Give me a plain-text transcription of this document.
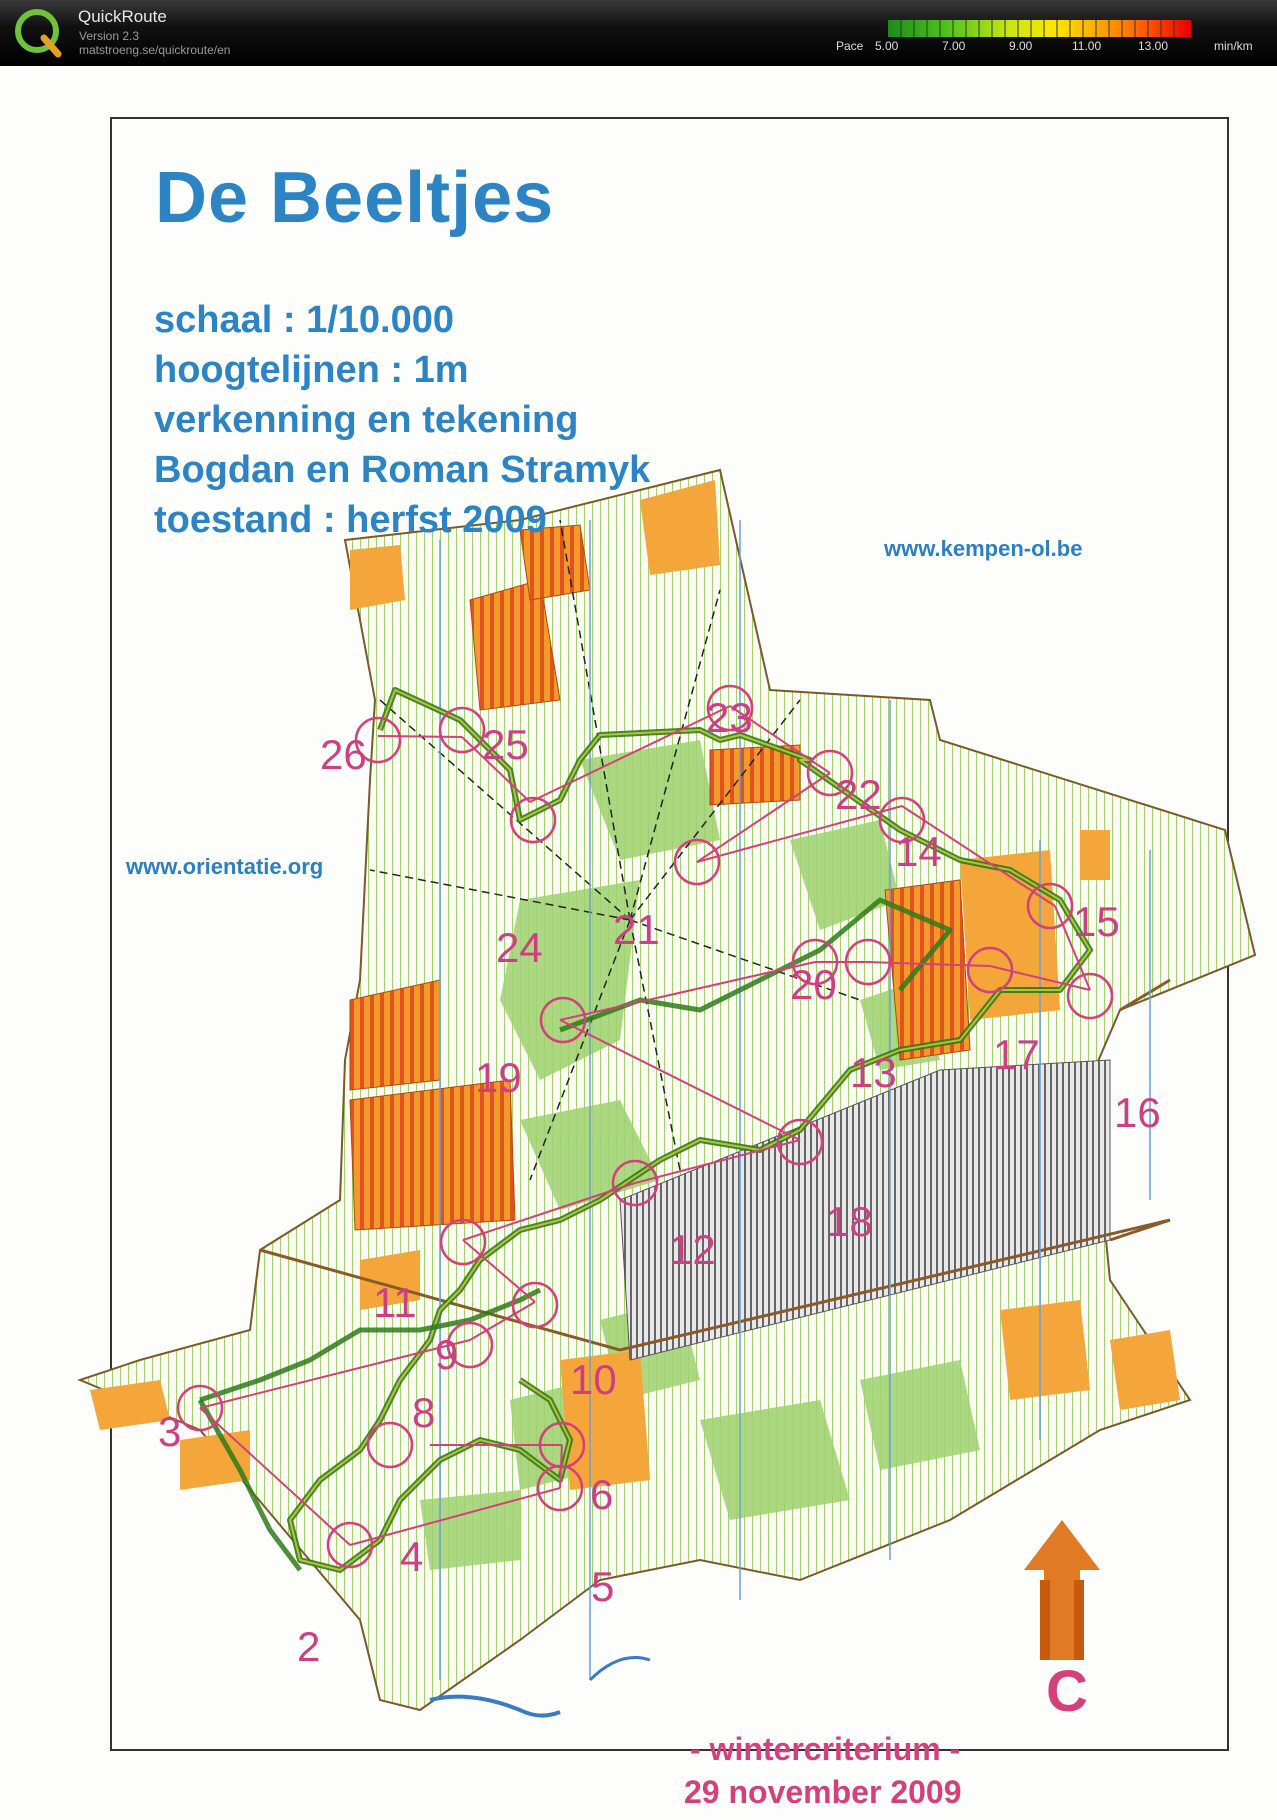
QuickRoute
Version 2.3
matstroeng.se/quickroute/en	Pace 5.00	7.00	9.00	11.00	13.00	min/km
De Beeltjes
schaal : 1/10.000
hoogtelijnen : 1m
verkenning en tekening
Bogdan en Roman Stramyk
toestand : herfst 2009
www.kempen-ol.be
www.orientatie.org
- wintercriterium -
29 november 2009
C
2
3
4
5
6
8
9
10
11
12
13
14
15
16
17
18
19
20
21
22
23
24
25
26
